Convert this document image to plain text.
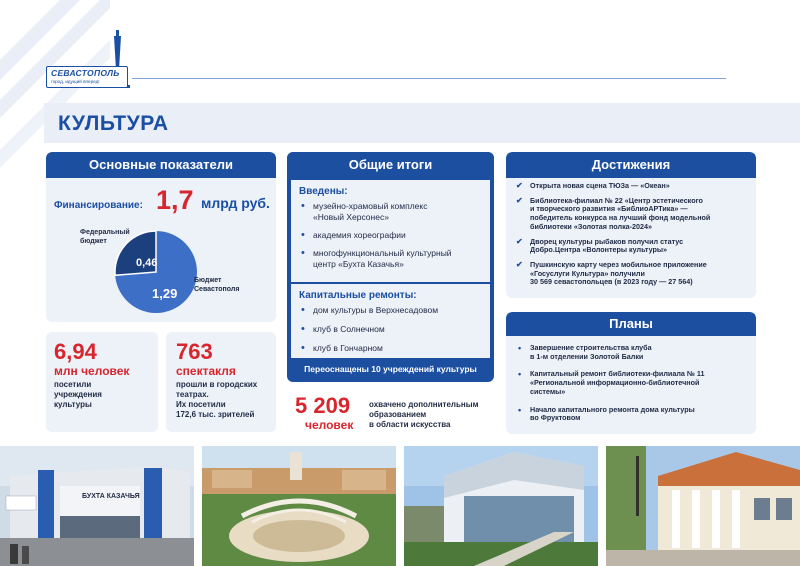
СЕВАСТОПОЛЬ
город, идущий вперед!
КУЛЬТУРА
Основные показатели
Финансирование: 1,7 млрд руб.
Федеральный
бюджет
0,46
1,29
Бюджет
Севастополя
6,94
млн человек
посетили
учреждения
культуры
763
спектакля
прошли в городских
театрах.
Их посетили
172,6 тыс. зрителей
Общие итоги
Введены:
• музейно-храмовый комплекс
«Новый Херсонес»
• академия хореографии
• многофункциональный культурный
центр «Бухта Казачья»
Капитальные ремонты:
• дом культуры в Верхнесадовом
• клуб в Солнечном
• клуб в Гончарном
Переоснащены 10 учреждений культуры
5 209
человек
охвачено дополнительным
образованием
в области искусства
Достижения
✔ Открыта новая сцена ТЮЗа — «Океан»
✔ Библиотека-филиал № 22 «Центр эстетического
и творческого развития «БиблиоАРТика» —
победитель конкурса на лучший фонд модельной
библиотеки «Золотая полка-2024»
✔ Дворец культуры рыбаков получил статус
Добро.Центра «Волонтеры культуры»
✔ Пушкинскую карту через мобильное приложение
«Госуслуги Культура» получили
30 569 севастопольцев (в 2023 году — 27 564)
Планы
• Завершение строительства клуба
в 1-м отделении Золотой Балки
• Капитальный ремонт библиотеки-филиала № 11
«Региональной информационно-библиотечной
системы»
• Начало капитального ремонта дома культуры
во Фруктовом
БУХТА КАЗАЧЬЯ
